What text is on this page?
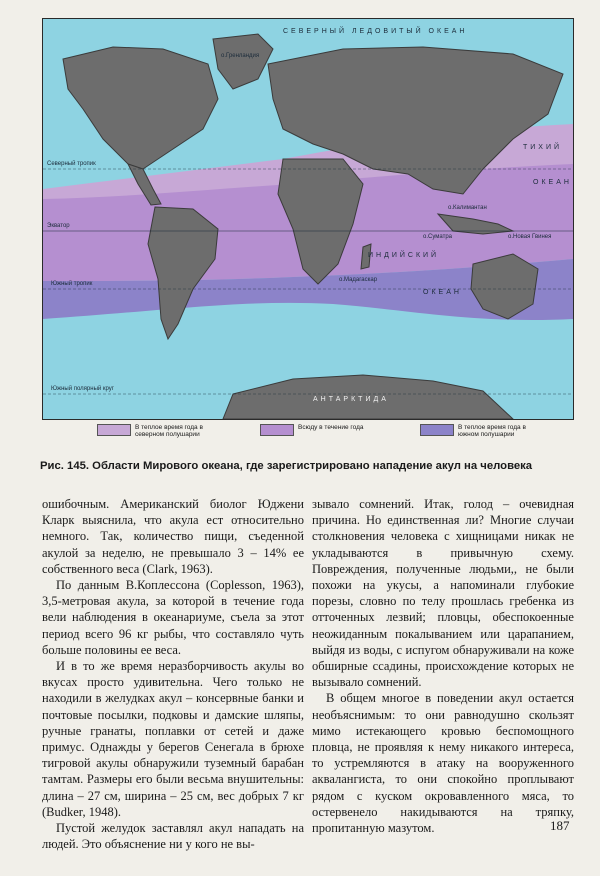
СЕВЕРНЫЙ ЛЕДОВИТЫЙ ОКЕАН
ТИХИЙ
ОКЕАН
ИНДИЙСКИЙ
ОКЕАН
АНТАРКТИДА
о.Гренландия
Экватор
Северный тропик
Южный тропик
Южный полярный круг
о.Калимантан
о.Суматра	о.Новая Гвинея
о.Мадагаскар
В теплое время года в северном полушарии
Всюду в течение года	В теплое время года в южном полушарии
Рис. 145. Области Мирового океана, где зарегистрировано нападение акул на человека

ошибочным. Американский биолог Юджени Кларк выяснила, что акула ест относительно немного. Так, количество пищи, съеденной акулой за неделю, не превышало 3 – 14% ее собственного веса (Clark, 1963).

По данным В.Коплессона (Coplesson, 1963), 3,5-метровая акула, за которой в течение года вели наблюдения в океанариуме, съела за этот период всего 96 кг рыбы, что составляло чуть больше половины ее веса.

И в то же время неразборчивость акулы во вкусах просто удивительна. Чего только не находили в желудках акул – консервные банки и почтовые посылки, подковы и дамские шляпы, ручные гранаты, поплавки от сетей и даже примус. Однажды у берегов Сенегала в брюхе тигровой акулы обнаружили туземный барабан тамтам. Размеры его были весьма внушительны: длина – 27 см, ширина – 25 см, вес добрых 7 кг (Budker, 1948).

Пустой желудок заставлял акул нападать на людей. Это объяснение ни у кого не вы-

зывало сомнений. Итак, голод – очевидная причина. Но единственная ли? Многие случаи столкновения человека с хищницами никак не укладываются в привычную схему. Повреждения, полученные людьми,, не были похожи на укусы, а напоминали глубокие порезы, словно по телу прошлась гребенка из отточенных лезвий; пловцы, обеспокоенные неожиданным покалыванием или царапанием, выйдя из воды, с испугом обнаруживали на коже обширные ссадины, происхождение которых не вызывало сомнений.

В общем многое в поведении акул остается необъяснимым: то они равнодушно скользят мимо истекающего кровью беспомощного пловца, не проявляя к нему никакого интереса, то устремляются в атаку на вооруженного аквалангиста, то они спокойно проплывают рядом с куском окровавленного мяса, то остервенело накидываются на тряпку, пропитанную мазутом.	187
